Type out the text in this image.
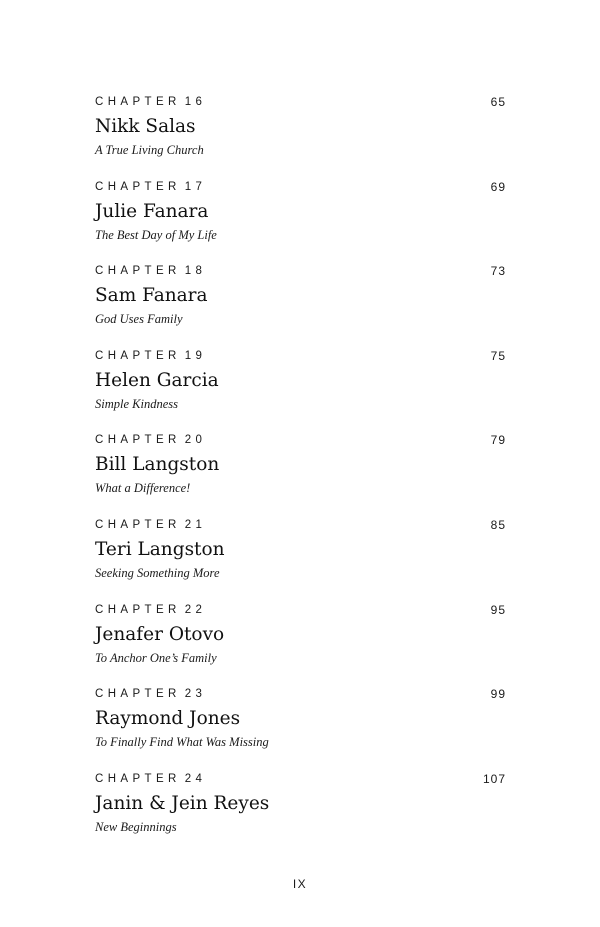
CHAPTER 16	65
Nikk Salas
A True Living Church
CHAPTER 17	69
Julie Fanara
The Best Day of My Life
CHAPTER 18	73
Sam Fanara
God Uses Family
CHAPTER 19	75
Helen Garcia
Simple Kindness
CHAPTER 20	79
Bill Langston
What a Difference!
CHAPTER 21	85
Teri Langston
Seeking Something More
CHAPTER 22	95
Jenafer Otovo
To Anchor One’s Family
CHAPTER 23	99
Raymond Jones
To Finally Find What Was Missing
CHAPTER 24	107
Janin & Jein Reyes
New Beginnings
IX
